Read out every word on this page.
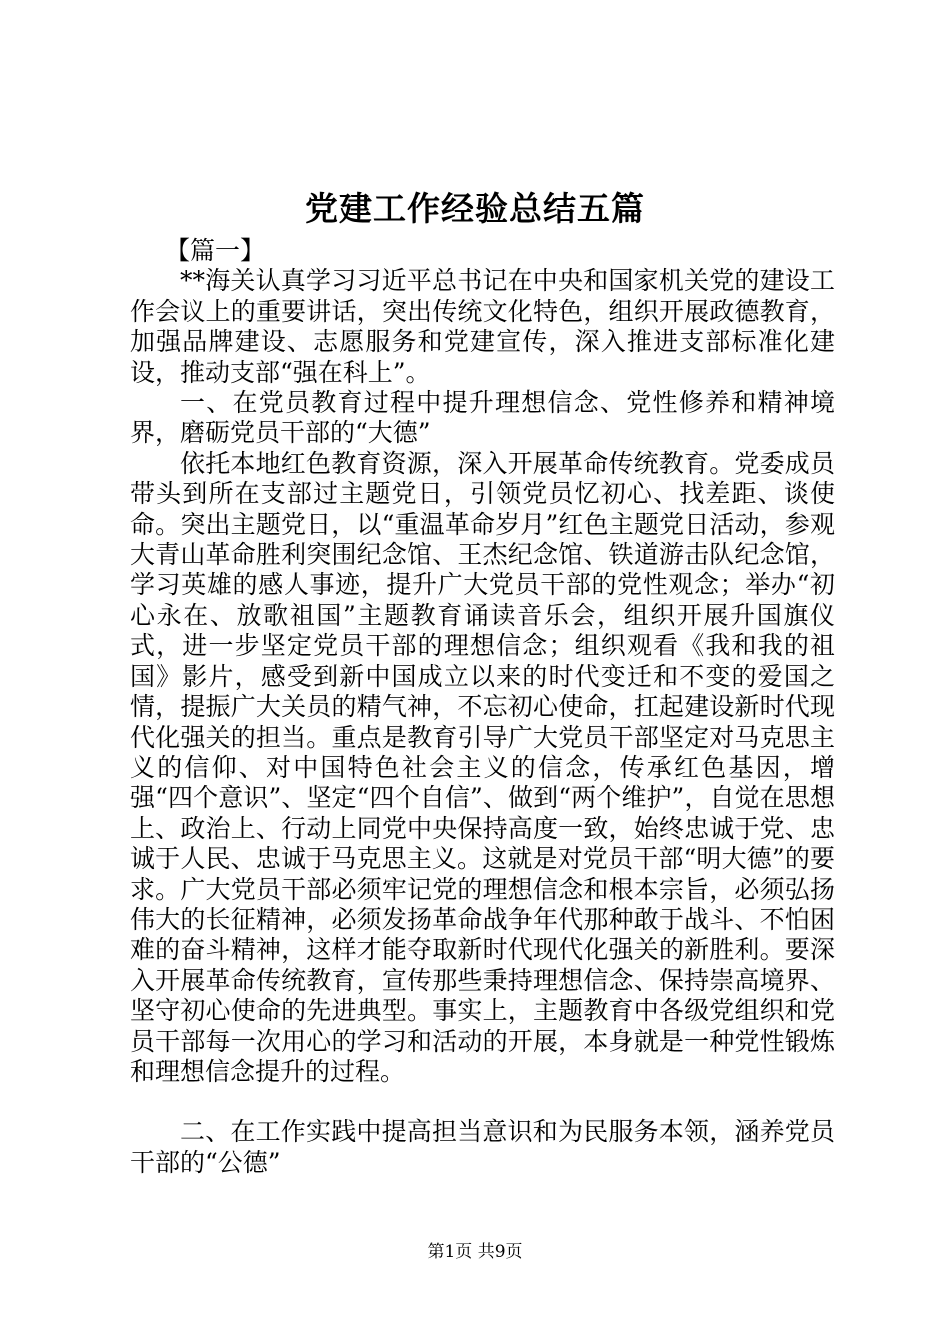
党建工作经验总结五篇

【篇一】

**海关认真学习习近平总书记在中央和国家机关党的建设工作会议上的重要讲话，突出传统文化特色，组织开展政德教育，加强品牌建设、志愿服务和党建宣传，深入推进支部标准化建设，推动支部“强在科上”。

一、在党员教育过程中提升理想信念、党性修养和精神境界，磨砺党员干部的“大德”

依托本地红色教育资源，深入开展革命传统教育。党委成员带头到所在支部过主题党日，引领党员忆初心、找差距、谈使命。突出主题党日，以“重温革命岁月”红色主题党日活动，参观大青山革命胜利突围纪念馆、王杰纪念馆、铁道游击队纪念馆，学习英雄的感人事迹，提升广大党员干部的党性观念；举办“初心永在、放歌祖国”主题教育诵读音乐会，组织开展升国旗仪式，进一步坚定党员干部的理想信念；组织观看《我和我的祖国》影片，感受到新中国成立以来的时代变迁和不变的爱国之情，提振广大关员的精气神，不忘初心使命，扛起建设新时代现代化强关的担当。重点是教育引导广大党员干部坚定对马克思主义的信仰、对中国特色社会主义的信念，传承红色基因，增强“四个意识”、坚定“四个自信”、做到“两个维护”，自觉在思想上、政治上、行动上同党中央保持高度一致，始终忠诚于党、忠诚于人民、忠诚于马克思主义。这就是对党员干部“明大德”的要求。广大党员干部必须牢记党的理想信念和根本宗旨，必须弘扬伟大的长征精神，必须发扬革命战争年代那种敢于战斗、不怕困难的奋斗精神，这样才能夺取新时代现代化强关的新胜利。要深入开展革命传统教育，宣传那些秉持理想信念、保持崇高境界、坚守初心使命的先进典型。事实上，主题教育中各级党组织和党员干部每一次用心的学习和活动的开展，本身就是一种党性锻炼和理想信念提升的过程。

二、在工作实践中提高担当意识和为民服务本领，涵养党员干部的“公德”

第1页 共9页
